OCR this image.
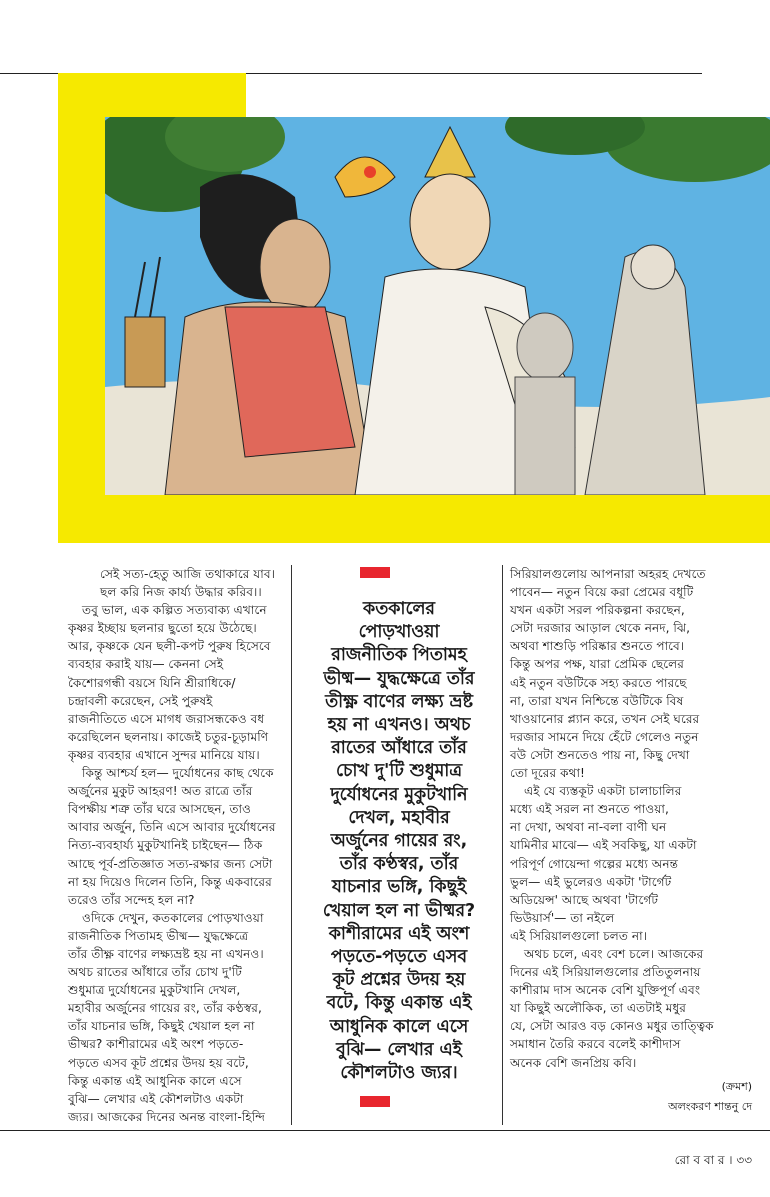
সেই সত্য-হেতু আজি তথাকারে যাব।

ছল করি নিজ কার্য্য উদ্ধার করিব।।

তবু ভাল, এক কল্পিত সত্যবাক্য এখানে

কৃষ্ণর ইচ্ছায় ছলনার ছুতো হয়ে উঠেছে।

আর, কৃষ্ণকে যেন ছলী-কপট পুরুষ হিসেবে

ব্যবহার করাই যায়— কেননা সেই

কৈশোরগন্ধী বয়সে যিনি শ্রীরাধিকে/

চন্দ্রাবলী করেছেন, সেই পুরুষই

রাজনীতিতে এসে মাগধ জরাসন্ধকেও বধ

করেছিলেন ছলনায়। কাজেই চতুর-চূড়ামণি

কৃষ্ণর ব্যবহার এখানে সুন্দর মানিয়ে যায়।

কিন্তু আশ্চর্য হল— দুর্যোধনের কাছ থেকে

অর্জুনের মুকুট আহরণ! অত রাত্রে তাঁর

বিপক্ষীয় শত্রু তাঁর ঘরে আসছেন, তাও

আবার অর্জুন, তিনি এসে আবার দুর্যোধনের

নিত্য-ব্যবহার্য্য মুকুটখানিই চাইছেন— ঠিক

আছে পূর্ব-প্রতিজ্ঞাত সত্য-রক্ষার জন্য সেটা

না হয় দিয়েও দিলেন তিনি, কিন্তু একবারের

তরেও তাঁর সন্দেহ হল না?

ওদিকে দেখুন, কতকালের পোড়খাওয়া

রাজনীতিক পিতামহ ভীষ্ম— যুদ্ধক্ষেত্রে

তাঁর তীক্ষ্ণ বাণের লক্ষ্যভ্রষ্ট হয় না এখনও।

অথচ রাতের আঁধারে তাঁর চোখ দু'টি

শুধুমাত্র দুর্যোধনের মুকুটখানি দেখল,

মহাবীর অর্জুনের গায়ের রং, তাঁর কণ্ঠস্বর,

তাঁর যাচনার ভঙ্গি, কিছুই খেয়াল হল না

ভীষ্মর? কাশীরামের এই অংশ পড়তে-

পড়তে এসব কূট প্রশ্নের উদয় হয় বটে,

কিন্তু একান্ত এই আধুনিক কালে এসে

বুঝি— লেখার এই কৌশলটাও একটা

জ্যর। আজকের দিনের অনন্ত বাংলা-হিন্দি

কতকালের
পোড়খাওয়া
রাজনীতিক পিতামহ
ভীষ্ম— যুদ্ধক্ষেত্রে তাঁর
তীক্ষ্ণ বাণের লক্ষ্য ভ্রষ্ট
হয় না এখনও। অথচ
রাতের আঁধারে তাঁর
চোখ দু'টি শুধুমাত্র
দুর্যোধনের মুকুটখানি
দেখল, মহাবীর
অর্জুনের গায়ের রং,
তাঁর কণ্ঠস্বর, তাঁর
যাচনার ভঙ্গি, কিছুই
খেয়াল হল না ভীষ্মর?
কাশীরামের এই অংশ
পড়তে-পড়তে এসব
কূট প্রশ্নের উদয় হয়
বটে, কিন্তু একান্ত এই
আধুনিক কালে এসে
বুঝি— লেখার এই
কৌশলটাও জ্যর।

সিরিয়ালগুলোয় আপনারা অহরহ দেখতে

পাবেন— নতুন বিয়ে করা প্রেমের বধূটি

যখন একটা সরল পরিকল্পনা করছেন,

সেটা দরজার আড়াল থেকে ননদ, ঝি,

অথবা শাশুড়ি পরিষ্কার শুনতে পাবে।

কিন্তু অপর পক্ষ, যারা প্রেমিক ছেলের

এই নতুন বউটিকে সহ্য করতে পারছে

না, তারা যখন নিশ্চিন্তে বউটিকে বিষ

খাওয়ানোর প্ল্যান করে, তখন সেই ঘরের

দরজার সামনে দিয়ে হেঁটে গেলেও নতুন

বউ সেটা শুনতেও পায় না, কিছু দেখা

তো দূরের কথা!

এই যে ব্যস্তকূট একটা চালাচালির

মধ্যে এই সরল না শুনতে পাওয়া,

না দেখা, অথবা না-বলা বাণী ঘন

যামিনীর মাঝে— এই সবকিছু, যা একটা

পরিপূর্ণ গোয়েন্দা গল্পের মধ্যে অনন্ত

ভুল— এই ভুলেরও একটা 'টার্গেট

অডিয়েন্স' আছে অথবা 'টার্গেট

ভিউয়ার্স'— তা নইলে

এই সিরিয়ালগুলো চলত না।

অথচ চলে, এবং বেশ চলে। আজকের

দিনের এই সিরিয়ালগুলোর প্রতিতুলনায়

কাশীরাম দাস অনেক বেশি যুক্তিপূর্ণ এবং

যা কিছুই অলৌকিক, তা এতটাই মধুর

যে, সেটা আরও বড় কোনও মধুর তাত্ত্বিক

সমাধান তৈরি করবে বলেই কাশীদাস

অনেক বেশি জনপ্রিয় কবি।

(ক্রমশ)
অলংকরণ শান্তনু দে
রো ব বা র । ৩৩
